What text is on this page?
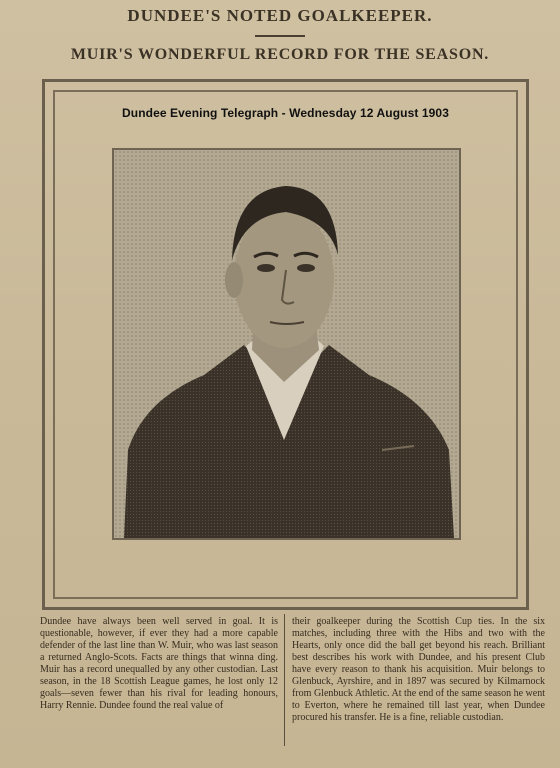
DUNDEE'S NOTED GOALKEEPER.
MUIR'S WONDERFUL RECORD FOR THE SEASON.
Dundee Evening Telegraph - Wednesday 12 August 1903

Dundee have always been well served in goal. It is questionable, however, if ever they had a more capable defender of the last line than W. Muir, who was last season a returned Anglo-Scots. Facts are things that winna ding. Muir has a record unequalled by any other custodian. Last season, in the 18 Scottish League games, he lost only 12 goals—seven fewer than his rival for leading honours, Harry Rennie. Dundee found the real value of

their goalkeeper during the Scottish Cup ties. In the six matches, including three with the Hibs and two with the Hearts, only once did the ball get beyond his reach. Brilliant best describes his work with Dundee, and his present Club have every reason to thank his acquisition. Muir belongs to Glenbuck, Ayrshire, and in 1897 was secured by Kilmarnock from Glenbuck Athletic. At the end of the same season he went to Everton, where he remained till last year, when Dundee procured his transfer. He is a fine, reliable custodian.
